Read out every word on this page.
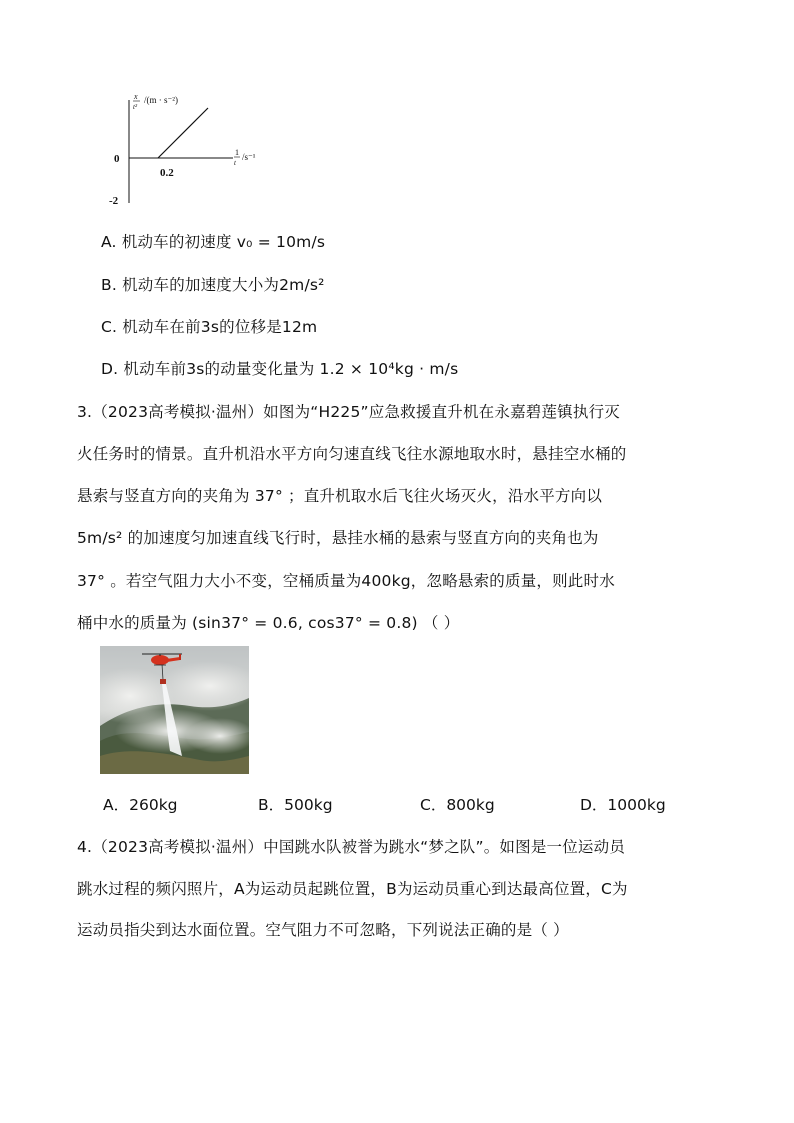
x
t²
/(m · s⁻²)
1
t
/s⁻¹
0
0.2
-2
A. 机动车的初速度 v₀ = 10m/s
B. 机动车的加速度大小为2m/s²
C. 机动车在前3s的位移是12m
D. 机动车前3s的动量变化量为 1.2 × 10⁴kg · m/s
3.（2023高考模拟·温州）如图为“H225”应急救援直升机在永嘉碧莲镇执行灭
火任务时的情景。直升机沿水平方向匀速直线飞往水源地取水时，悬挂空水桶的
悬索与竖直方向的夹角为 37° ；直升机取水后飞往火场灭火，沿水平方向以
5m/s² 的加速度匀加速直线飞行时，悬挂水桶的悬索与竖直方向的夹角也为
37° 。若空气阻力大小不变，空桶质量为400kg，忽略悬索的质量，则此时水
桶中水的质量为 (sin37° = 0.6, cos37° = 0.8) （ ）
A．260kg	B．500kg	C．800kg	D．1000kg
4.（2023高考模拟·温州）中国跳水队被誉为跳水“梦之队”。如图是一位运动员
跳水过程的频闪照片，A为运动员起跳位置，B为运动员重心到达最高位置，C为
运动员指尖到达水面位置。空气阻力不可忽略，下列说法正确的是（ ）
